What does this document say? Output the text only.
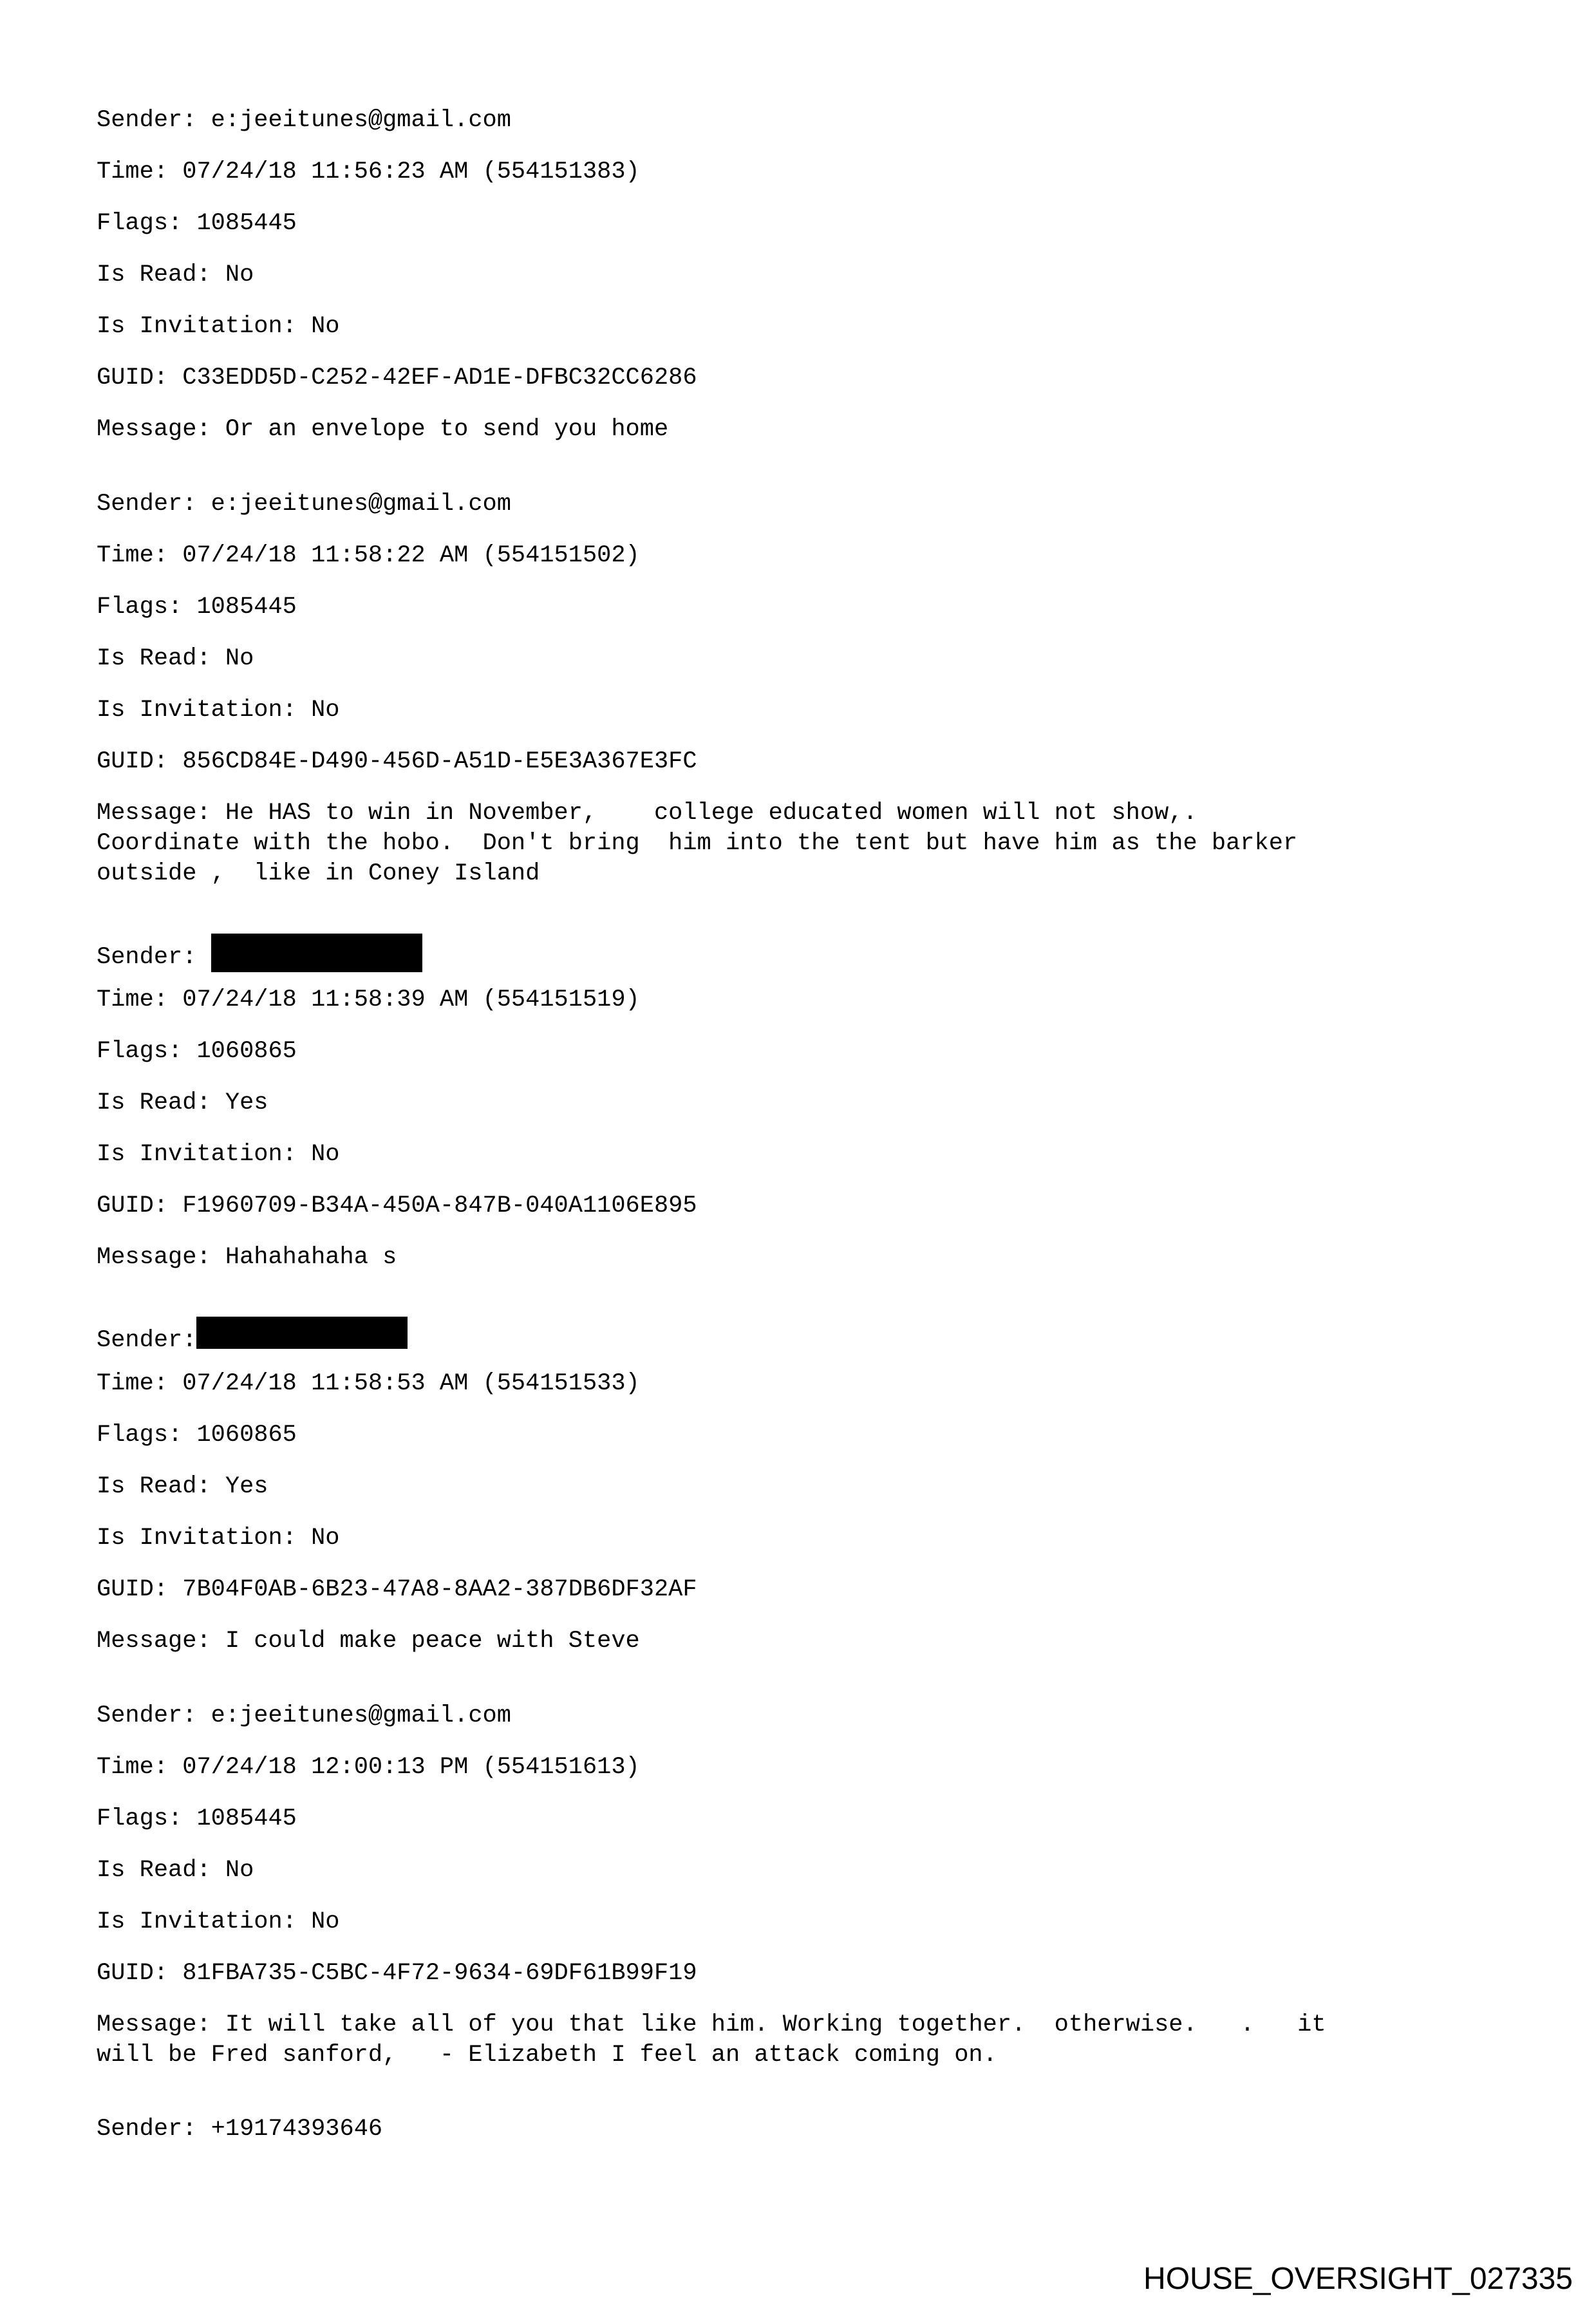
Sender: e:jeeitunes@gmail.com
Time: 07/24/18 11:56:23 AM (554151383)
Flags: 1085445
Is Read: No
Is Invitation: No
GUID: C33EDD5D-C252-42EF-AD1E-DFBC32CC6286
Message: Or an envelope to send you home
Sender: e:jeeitunes@gmail.com
Time: 07/24/18 11:58:22 AM (554151502)
Flags: 1085445
Is Read: No
Is Invitation: No
GUID: 856CD84E-D490-456D-A51D-E5E3A367E3FC
Message: He HAS to win in November,    college educated women will not show,.
Coordinate with the hobo.  Don't bring  him into the tent but have him as the barker
outside ,  like in Coney Island
Sender:
Time: 07/24/18 11:58:39 AM (554151519)
Flags: 1060865
Is Read: Yes
Is Invitation: No
GUID: F1960709-B34A-450A-847B-040A1106E895
Message: Hahahahaha s
Sender:
Time: 07/24/18 11:58:53 AM (554151533)
Flags: 1060865
Is Read: Yes
Is Invitation: No
GUID: 7B04F0AB-6B23-47A8-8AA2-387DB6DF32AF
Message: I could make peace with Steve
Sender: e:jeeitunes@gmail.com
Time: 07/24/18 12:00:13 PM (554151613)
Flags: 1085445
Is Read: No
Is Invitation: No
GUID: 81FBA735-C5BC-4F72-9634-69DF61B99F19
Message: It will take all of you that like him. Working together.  otherwise.   .   it
will be Fred sanford,   - Elizabeth I feel an attack coming on.
Sender: +19174393646
HOUSE_OVERSIGHT_027335
